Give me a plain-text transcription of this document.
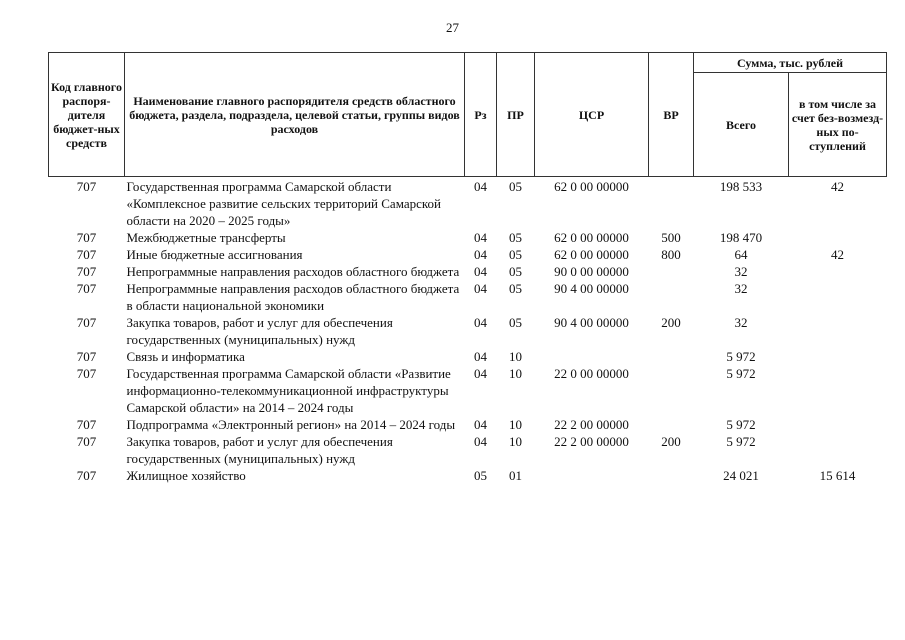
27
Код главного распоря-дителя бюджет-ных средств	Наименование главного распорядителя средств областного бюджета, раздела, подраздела, целевой статьи, группы видов расходов	Рз	ПР	ЦСР	ВР	Сумма, тыс. рублей	
						Всего	в том числе за счет без-возмезд-ных по-ступлений
707	Государственная программа Самарской области «Комплексное развитие сельских территорий Самарской области на 2020 – 2025 годы»	04	05	62 0 00 00000		198 533	42
707	Межбюджетные трансферты	04	05	62 0 00 00000	500	198 470	
707	Иные бюджетные ассигнования	04	05	62 0 00 00000	800	64	42
707	Непрограммные направления расходов областного бюджета	04	05	90 0 00 00000		32	
707	Непрограммные направления расходов областного бюджета в области национальной экономики	04	05	90 4 00 00000		32	
707	Закупка товаров, работ и услуг для обеспечения государственных (муниципальных) нужд	04	05	90 4 00 00000	200	32	
707	Связь и информатика	04	10			5 972	
707	Государственная программа Самарской области «Развитие информационно-телекоммуникационной инфраструктуры Самарской области» на 2014 – 2024 годы	04	10	22 0 00 00000		5 972	
707	Подпрограмма «Электронный регион» на 2014 – 2024 годы	04	10	22 2 00 00000		5 972	
707	Закупка товаров, работ и услуг для обеспечения государственных (муниципальных) нужд	04	10	22 2 00 00000	200	5 972	
707	Жилищное хозяйство	05	01			24 021	15 614
